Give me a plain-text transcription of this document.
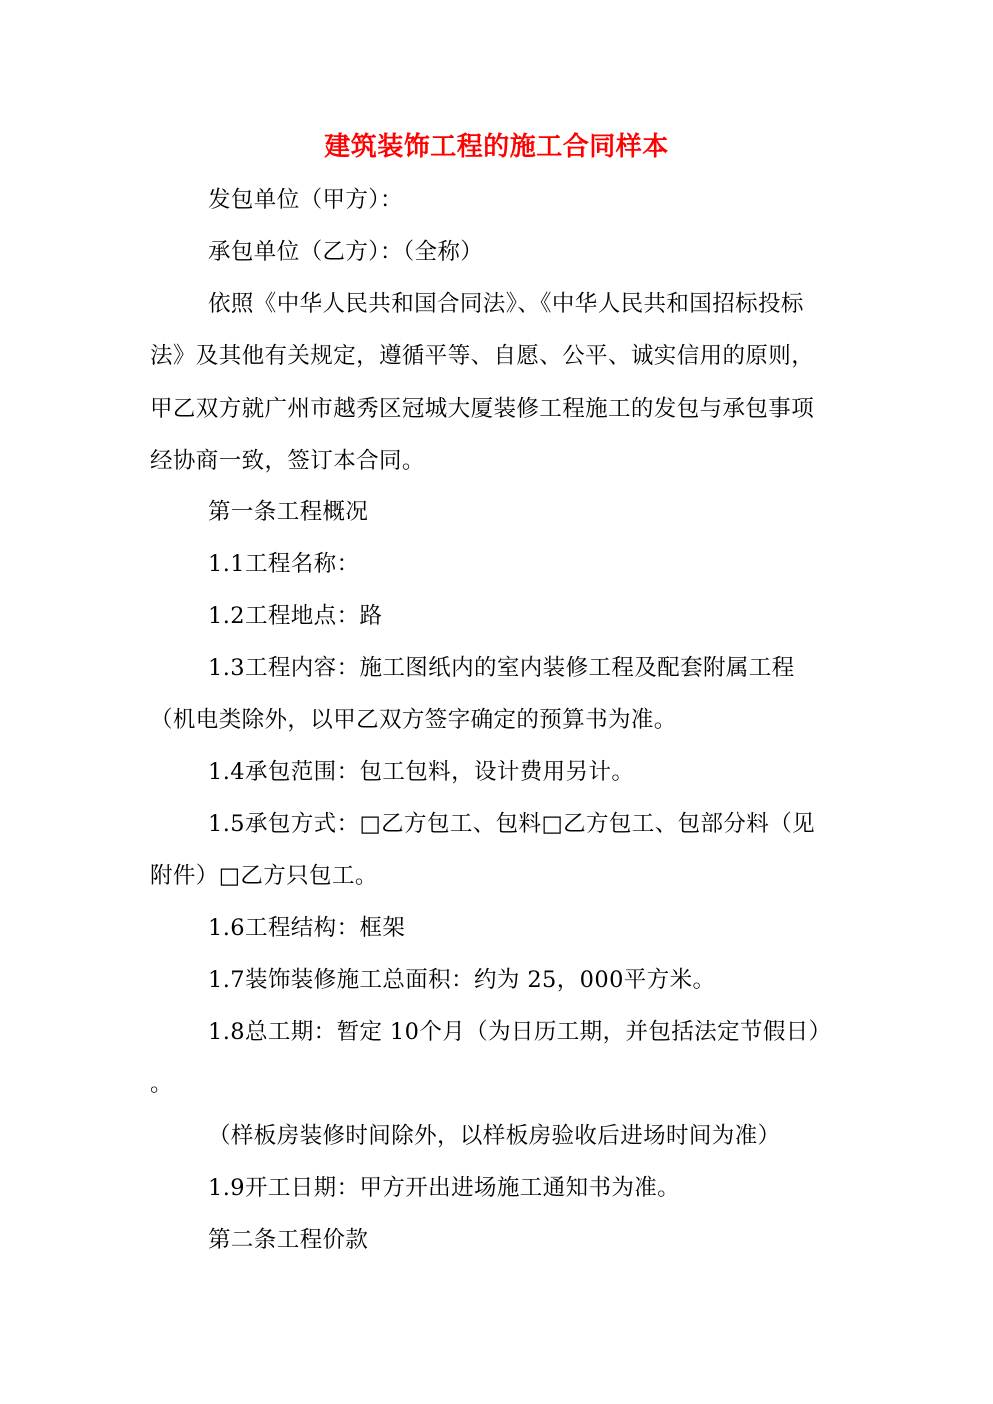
建筑装饰工程的施工合同样本
发包单位（甲方）：
承包单位（乙方）：（全称）
依照《中华人民共和国合同法》、《中华人民共和国招标投标
法》及其他有关规定，遵循平等、自愿、公平、诚实信用的原则，
甲乙双方就广州市越秀区冠城大厦装修工程施工的发包与承包事项
经协商一致，签订本合同。
第一条工程概况
1.1工程名称：
1.2工程地点：路
1.3工程内容：施工图纸内的室内装修工程及配套附属工程
（机电类除外，以甲乙双方签字确定的预算书为准。
1.4承包范围：包工包料，设计费用另计。
1.5承包方式：□乙方包工、包料□乙方包工、包部分料（见
附件）□乙方只包工。
1.6工程结构：框架
1.7装饰装修施工总面积：约为 25，000平方米。
1.8总工期：暂定 10个月（为日历工期，并包括法定节假日）
。
（样板房装修时间除外，以样板房验收后进场时间为准）
1.9开工日期：甲方开出进场施工通知书为准。
第二条工程价款
